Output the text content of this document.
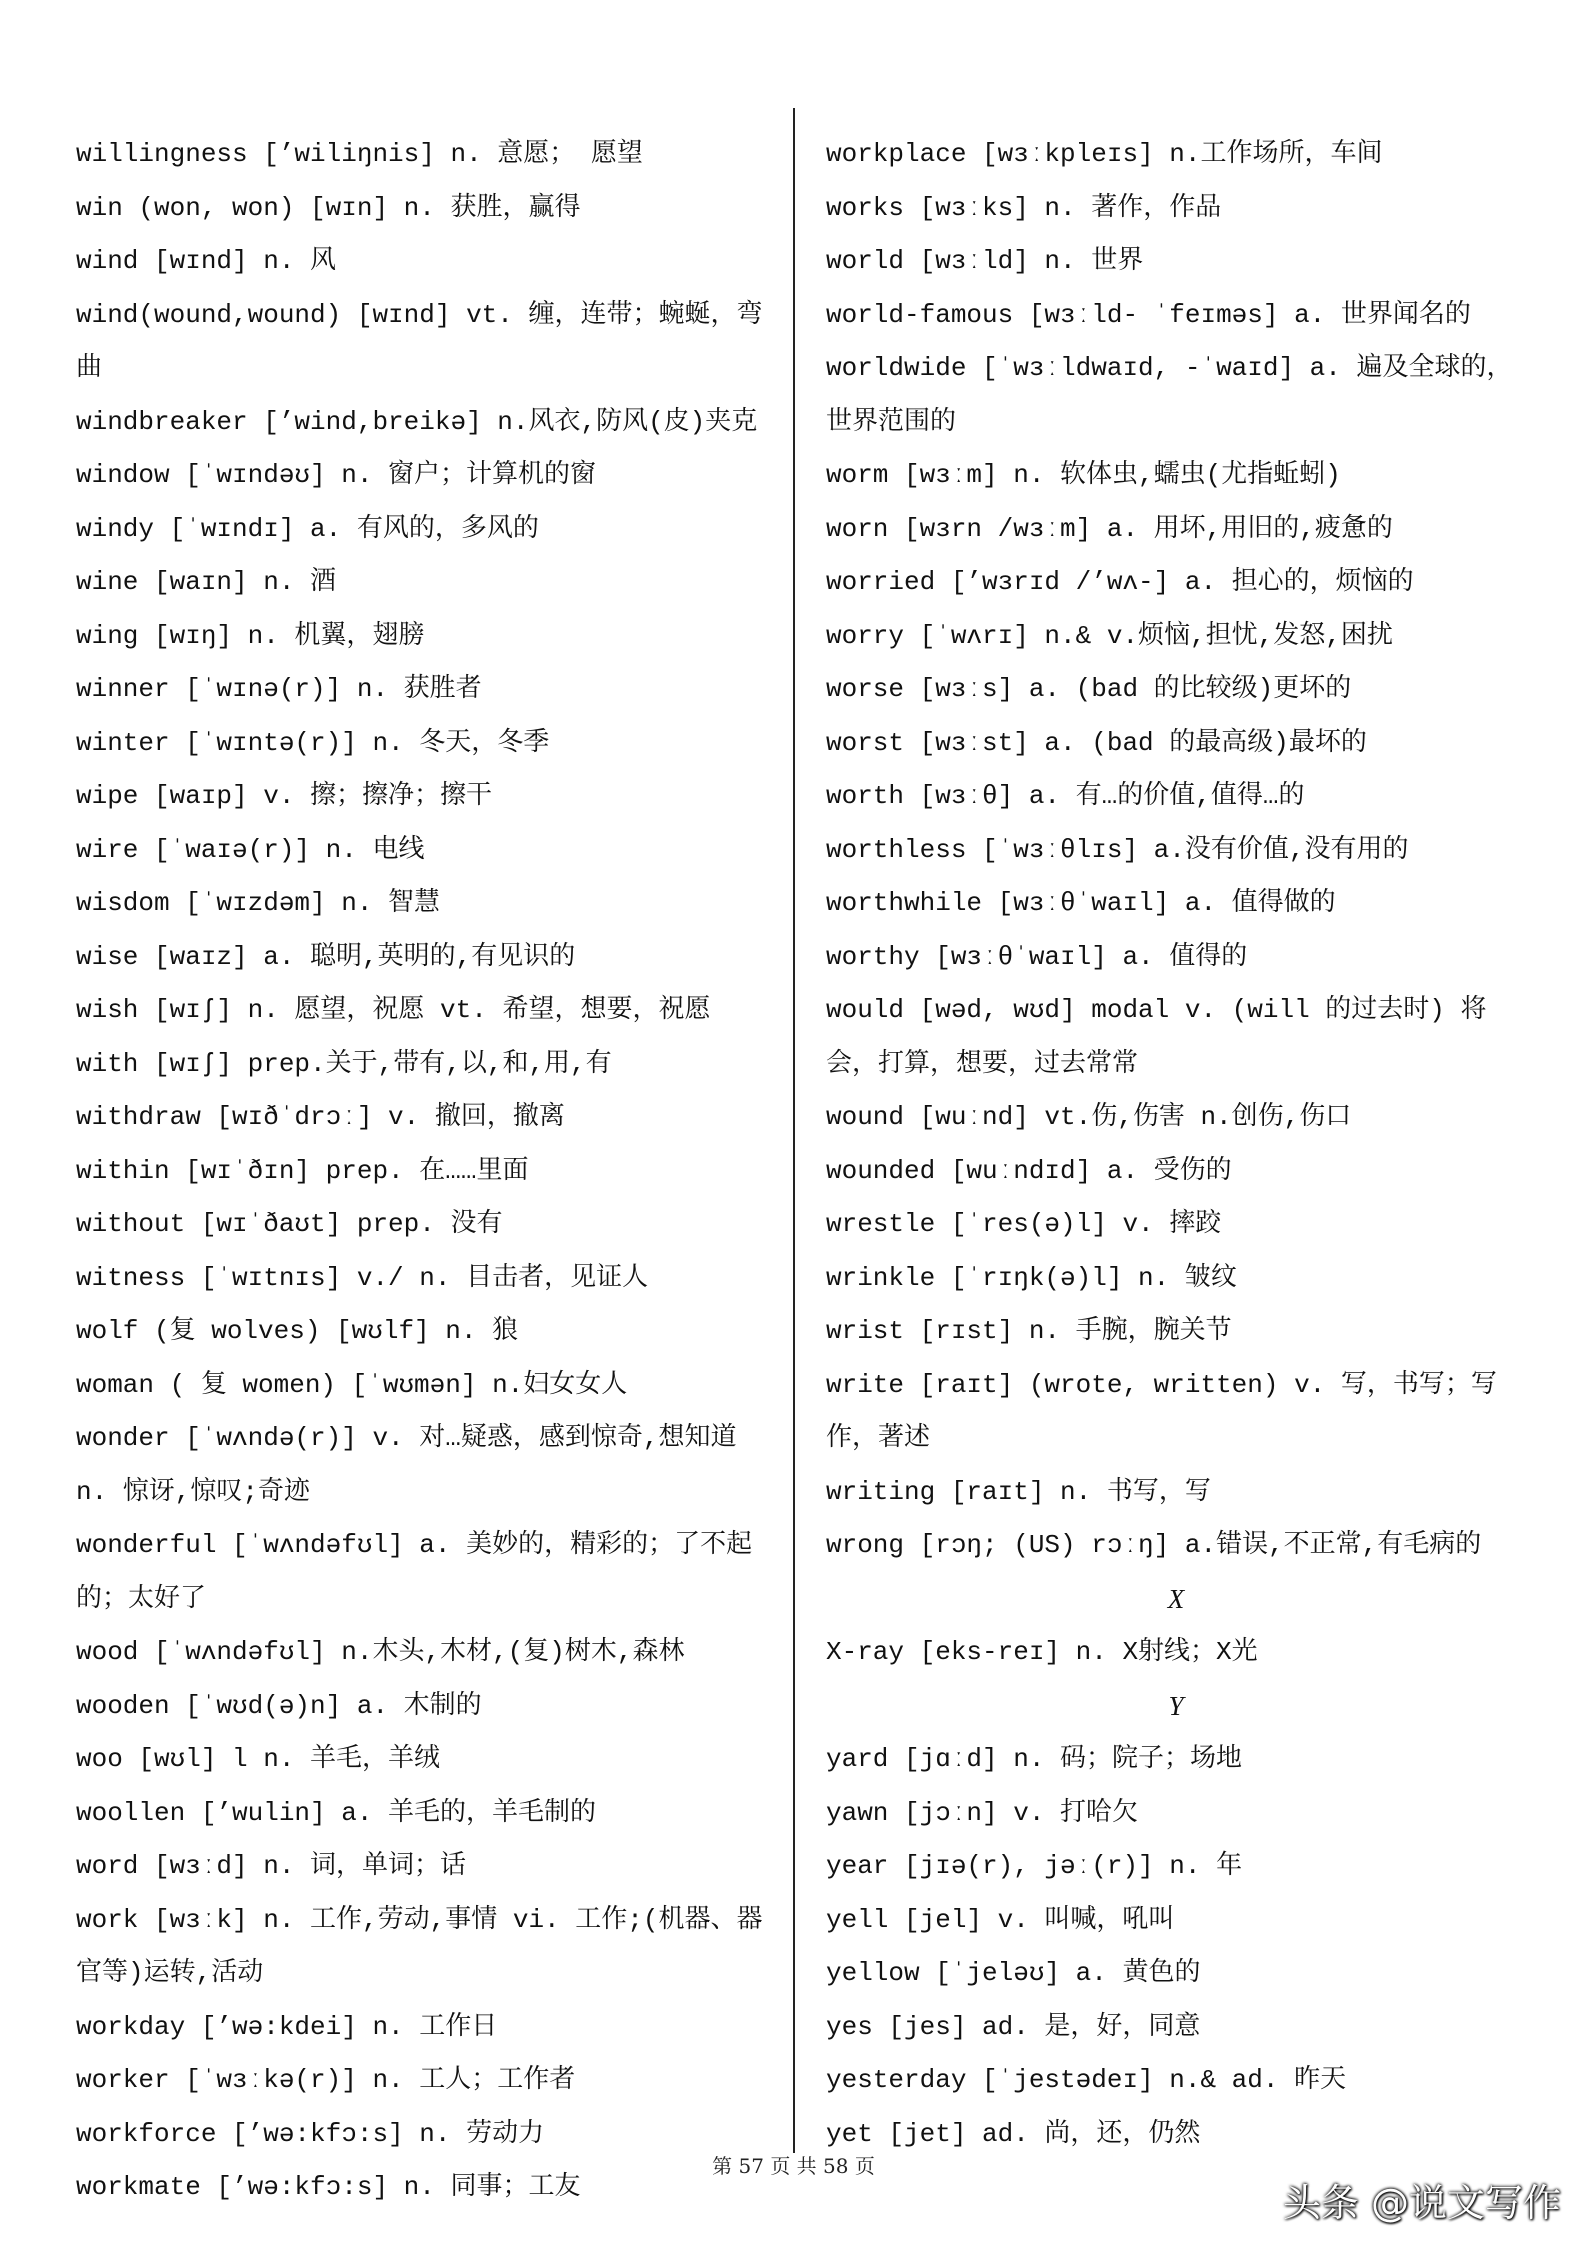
willingness [’wiliŋnis] n. 意愿； 愿望
win (won, won) [wɪn] n. 获胜，赢得
wind [wɪnd] n. 风
wind(wound,wound) [wɪnd] vt. 缠，连带；蜿蜒，弯曲
windbreaker [’wind,breikə] n.风衣,防风(皮)夹克
window [ˈwɪndəʊ] n. 窗户；计算机的窗
windy [ˈwɪndɪ] a. 有风的，多风的
wine [waɪn] n. 酒
wing [wɪŋ] n. 机翼，翅膀
winner [ˈwɪnə(r)] n. 获胜者
winter [ˈwɪntə(r)] n. 冬天，冬季
wipe [waɪp] v. 擦；擦净；擦干
wire [ˈwaɪə(r)] n. 电线
wisdom [ˈwɪzdəm] n. 智慧
wise [waɪz] a. 聪明,英明的,有见识的
wish [wɪʃ] n. 愿望，祝愿 vt. 希望，想要，祝愿
with [wɪʃ] prep.关于,带有,以,和,用,有
withdraw [wɪðˈdrɔː] v. 撤回，撤离
within [wɪˈðɪn] prep. 在……里面
without [wɪˈðaʊt] prep. 没有
witness [ˈwɪtnɪs] v./ n. 目击者，见证人
wolf (复 wolves) [wʊlf] n. 狼
woman ( 复 women) [ˈwʊmən] n.妇女女人
wonder [ˈwʌndə(r)] v. 对…疑惑，感到惊奇,想知道 n. 惊讶,惊叹;奇迹
wonderful [ˈwʌndəfʊl] a. 美妙的，精彩的；了不起的；太好了
wood [ˈwʌndəfʊl] n.木头,木材,(复)树木,森林
wooden [ˈwʊd(ə)n] a. 木制的
woo [wʊl] l n. 羊毛，羊绒
woollen [’wulin] a. 羊毛的，羊毛制的
word [wɜːd] n. 词，单词；话
work [wɜːk] n. 工作,劳动,事情 vi. 工作;(机器、器官等)运转,活动
workday [’wə:kdei] n. 工作日
worker [ˈwɜːkə(r)] n. 工人；工作者
workforce [’wə:kfɔ:s] n. 劳动力
workmate [’wə:kfɔ:s] n. 同事；工友
workplace [wɜːkpleɪs] n.工作场所，车间
works [wɜːks] n. 著作，作品
world [wɜːld] n. 世界
world-famous [wɜːld- ˈfeɪməs] a. 世界闻名的
worldwide [ˈwɜːldwaɪd, -ˈwaɪd] a. 遍及全球的，世界范围的
worm [wɜːm] n. 软体虫,蠕虫(尤指蚯蚓)
worn [wɜrn /wɜːm] a. 用坏,用旧的,疲惫的
worried [’wɜrɪd /’wʌ-] a. 担心的，烦恼的
worry [ˈwʌrɪ] n.& v.烦恼,担忧,发怒,困扰
worse [wɜːs] a. (bad 的比较级)更坏的
worst [wɜːst] a. (bad 的最高级)最坏的
worth [wɜːθ] a. 有…的价值,值得…的
worthless [ˈwɜːθlɪs] a.没有价值,没有用的
worthwhile [wɜːθˈwaɪl] a. 值得做的
worthy [wɜːθˈwaɪl] a. 值得的
would [wəd, wʊd] modal v. (will 的过去时) 将会，打算，想要，过去常常
wound [wuːnd] vt.伤,伤害 n.创伤,伤口
wounded [wuːndɪd] a. 受伤的
wrestle [ˈres(ə)l] v. 摔跤
wrinkle [ˈrɪŋk(ə)l] n. 皱纹
wrist [rɪst] n. 手腕，腕关节
write [raɪt] (wrote, written) v. 写，书写；写作，著述
writing [raɪt] n. 书写，写
wrong [rɔŋ; (US) rɔːŋ] a.错误,不正常,有毛病的
X
X-ray [eks-reɪ] n. X射线；X光
Y
yard [jɑːd] n. 码；院子；场地
yawn [jɔːn] v. 打哈欠
year [jɪə(r), jəː(r)] n. 年
yell [jel] v. 叫喊，吼叫
yellow [ˈjeləʊ] a. 黄色的
yes [jes] ad. 是，好，同意
yesterday [ˈjestədeɪ] n.& ad. 昨天
yet [jet] ad. 尚，还，仍然
第 57 页 共 58 页
头条 @说文写作
